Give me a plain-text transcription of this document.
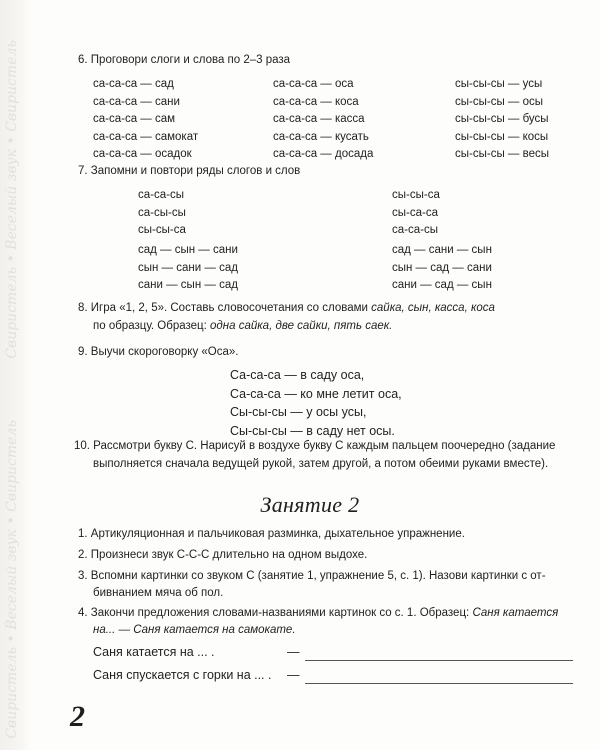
Свиристель • Веселый звук • Свиристель
Свиристель • Веселый звук • Свиристель
6. Проговори слоги и слова по 2–3 раза
са-са-са — сад
са-са-са — сани
са-са-са — сам
са-са-са — самокат
са-са-са — осадок
са-са-са — оса
са-са-са — коса
са-са-са — касса
са-са-са — кусать
са-са-са — досада
сы-сы-сы — усы
сы-сы-сы — осы
сы-сы-сы — бусы
сы-сы-сы — косы
сы-сы-сы — весы
7. Запомни и повтори ряды слогов и слов
са-са-сы
са-сы-сы
сы-сы-са
сы-сы-са
сы-са-са
са-са-сы
сад — сын — сани
сын — сани — сад
сани — сын — сад
сад — сани — сын
сын — сад — сани
сани — сад — сын
8. Игра «1, 2, 5». Составь словосочетания со словами сайка, сын, касса, коса
по образцу. Образец: одна сайка, две сайки, пять саек.
9. Выучи скороговорку «Оса».
Са-са-са — в саду оса,
Са-са-са — ко мне летит оса,
Сы-сы-сы — у осы усы,
Сы-сы-сы — в саду нет осы.
10. Рассмотри букву С. Нарисуй в воздухе букву С каждым пальцем поочередно (задание
выполняется сначала ведущей рукой, затем другой, а потом обеими руками вместе).
Занятие 2
1. Артикуляционная и пальчиковая разминка, дыхательное упражнение.
2. Произнеси звук С-С-С длительно на одном выдохе.
3. Вспомни картинки со звуком С (занятие 1, упражнение 5, с. 1). Назови картинки с от-
бивнанием мяча об пол.
4. Закончи предложения словами-названиями картинок со с. 1. Образец: Саня катается
на... — Саня катается на самокате.
Саня катается на ... .	—
Саня спускается с горки на ... . —
2
